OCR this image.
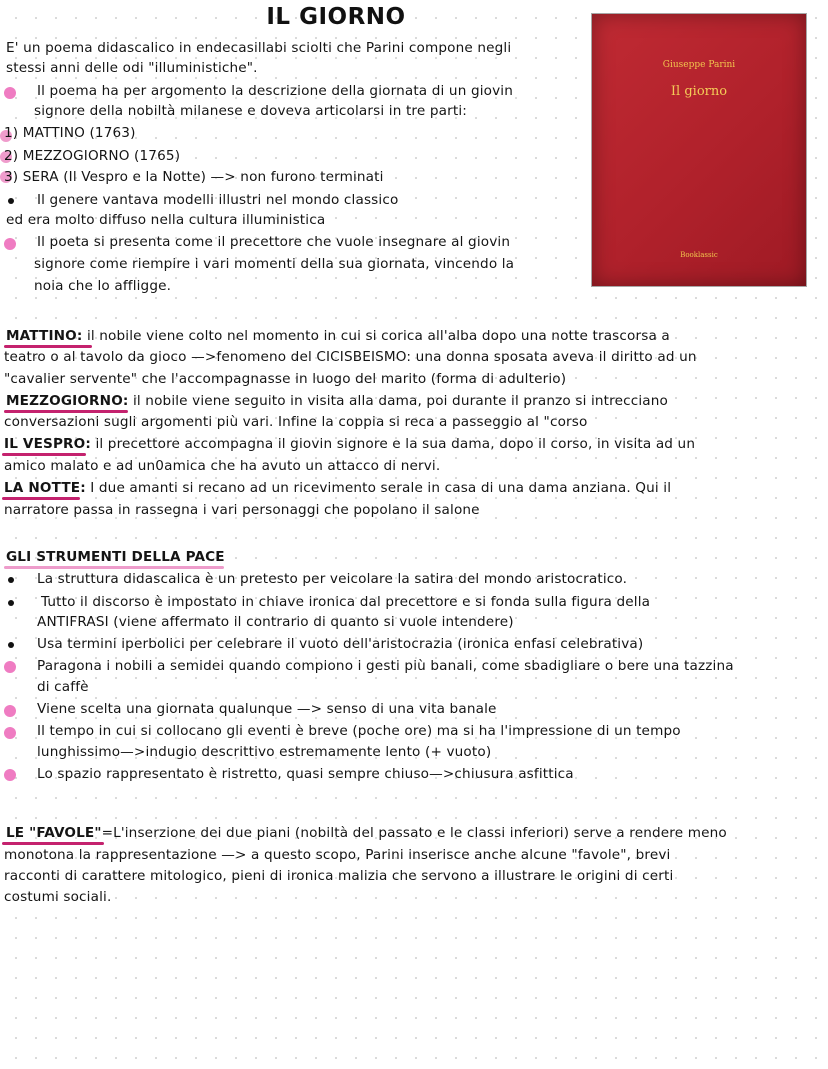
IL GIORNO
Giuseppe Parini
Il giorno
Booklassic
E' un poema didascalico in endecasillabi sciolti che Parini compone negli
stessi anni delle odi "illuministiche".
Il poema ha per argomento la descrizione della giornata di un giovin
signore della nobiltà milanese e doveva articolarsi in tre parti:
1) MATTINO (1763)
2) MEZZOGIORNO (1765)
3) SERA (Il Vespro e la Notte) —> non furono terminati
Il genere vantava modelli illustri nel mondo classico
ed era molto diffuso nella cultura illuministica
Il poeta si presenta come il precettore che vuole insegnare al giovin
signore come riempire i vari momenti della sua giornata, vincendo la
noia che lo affligge.
MATTINO: il nobile viene colto nel momento in cui si corica all'alba dopo una notte trascorsa a
teatro o al tavolo da gioco —>fenomeno del CICISBEISMO: una donna sposata aveva il diritto ad un
"cavalier servente" che l'accompagnasse in luogo del marito (forma di adulterio)
MEZZOGIORNO: il nobile viene seguito in visita alla dama, poi durante il pranzo si intrecciano
conversazioni sugli argomenti più vari. Infine la coppia si reca a passeggio al "corso
IL VESPRO: il precettore accompagna il giovin signore e la sua dama, dopo il corso, in visita ad un
amico malato e ad un0amica che ha avuto un attacco di nervi.
LA NOTTE: I due amanti si recano ad un ricevimento serale in casa di una dama anziana. Qui il
narratore passa in rassegna i vari personaggi che popolano il salone
GLI STRUMENTI DELLA PACE
La struttura didascalica è un pretesto per veicolare la satira del mondo aristocratico.
Tutto il discorso è impostato in chiave ironica dal precettore e si fonda sulla figura della
ANTIFRASI (viene affermato il contrario di quanto si vuole intendere)
Usa termini iperbolici per celebrare il vuoto dell'aristocrazia (ironica enfasi celebrativa)
Paragona i nobili a semidei quando compiono i gesti più banali, come sbadigliare o bere una tazzina
di caffè
Viene scelta una giornata qualunque —> senso di una vita banale
Il tempo in cui si collocano gli eventi è breve (poche ore) ma si ha l'impressione di un tempo
lunghissimo—>indugio descrittivo estremamente lento (+ vuoto)
Lo spazio rappresentato è ristretto, quasi sempre chiuso—>chiusura asfittica
LE "FAVOLE"=L'inserzione dei due piani (nobiltà del passato e le classi inferiori) serve a rendere meno
monotona la rappresentazione —> a questo scopo, Parini inserisce anche alcune "favole", brevi
racconti di carattere mitologico, pieni di ironica malizia che servono a illustrare le origini di certi
costumi sociali.
